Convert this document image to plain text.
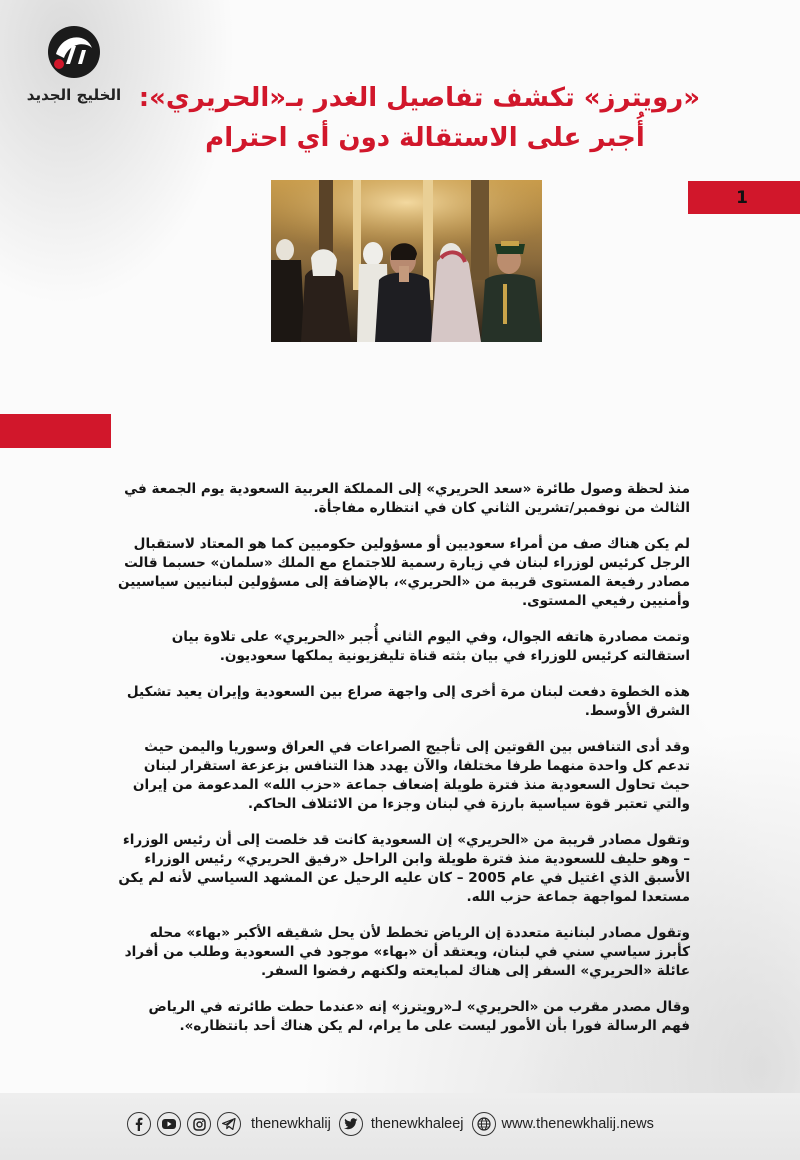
الخليج الجديد «رويترز» تكشف تفاصيل الغدر بـ«الحريري»:
أُجبر على الاستقالة دون أي احترام
1

منذ لحظة وصول طائرة «سعد الحريري» إلى المملكة العربية السعودية يوم الجمعة في الثالث من نوفمبر/تشرين الثاني كان في انتظاره مفاجأة.

لم يكن هناك صف من أمراء سعوديين أو مسؤولين حكوميين كما هو المعتاد لاستقبال الرجل كرئيس لوزراء لبنان في زيارة رسمية للاجتماع مع الملك «سلمان» حسبما قالت مصادر رفيعة المستوى قريبة من «الحريري»، بالإضافة إلى مسؤولين لبنانيين سياسيين وأمنيين رفيعي المستوى.

وتمت مصادرة هاتفه الجوال، وفي اليوم الثاني أُجبر «الحريري» على تلاوة بيان استقالته كرئيس للوزراء في بيان بثته قناة تليفزيونية يملكها سعوديون.

هذه الخطوة دفعت لبنان مرة أخرى إلى واجهة صراع بين السعودية وإيران يعيد تشكيل الشرق الأوسط.

وقد أدى التنافس بين القوتين إلى تأجيج الصراعات في العراق وسوريا واليمن حيث تدعم كل واحدة منهما طرفا مختلفا، والآن يهدد هذا التنافس بزعزعة استقرار لبنان حيث تحاول السعودية منذ فترة طويلة إضعاف جماعة «حزب الله» المدعومة من إيران والتي تعتبر قوة سياسية بارزة في لبنان وجزءا من الائتلاف الحاكم.

وتقول مصادر قريبة من «الحريري» إن السعودية كانت قد خلصت إلى أن رئيس الوزراء – وهو حليف للسعودية منذ فترة طويلة وابن الراحل «رفيق الحريري» رئيس الوزراء الأسبق الذي اغتيل في عام 2005 – كان عليه الرحيل عن المشهد السياسي لأنه لم يكن مستعدا لمواجهة جماعة حزب الله.

وتقول مصادر لبنانية متعددة إن الرياض تخطط لأن يحل شقيقه الأكبر «بهاء» محله كأبرز سياسي سني في لبنان، ويعتقد أن «بهاء» موجود في السعودية وطلب من أفراد عائلة «الحريري» السفر إلى هناك لمبايعته ولكنهم رفضوا السفر.

وقال مصدر مقرب من «الحريري» لـ«رويترز» إنه «عندما حطت طائرته في الرياض فهم الرسالة فورا بأن الأمور ليست على ما يرام، لم يكن هناك أحد بانتظاره».

thenewkhalij	thenewkhaleej	www.thenewkhalij.news
